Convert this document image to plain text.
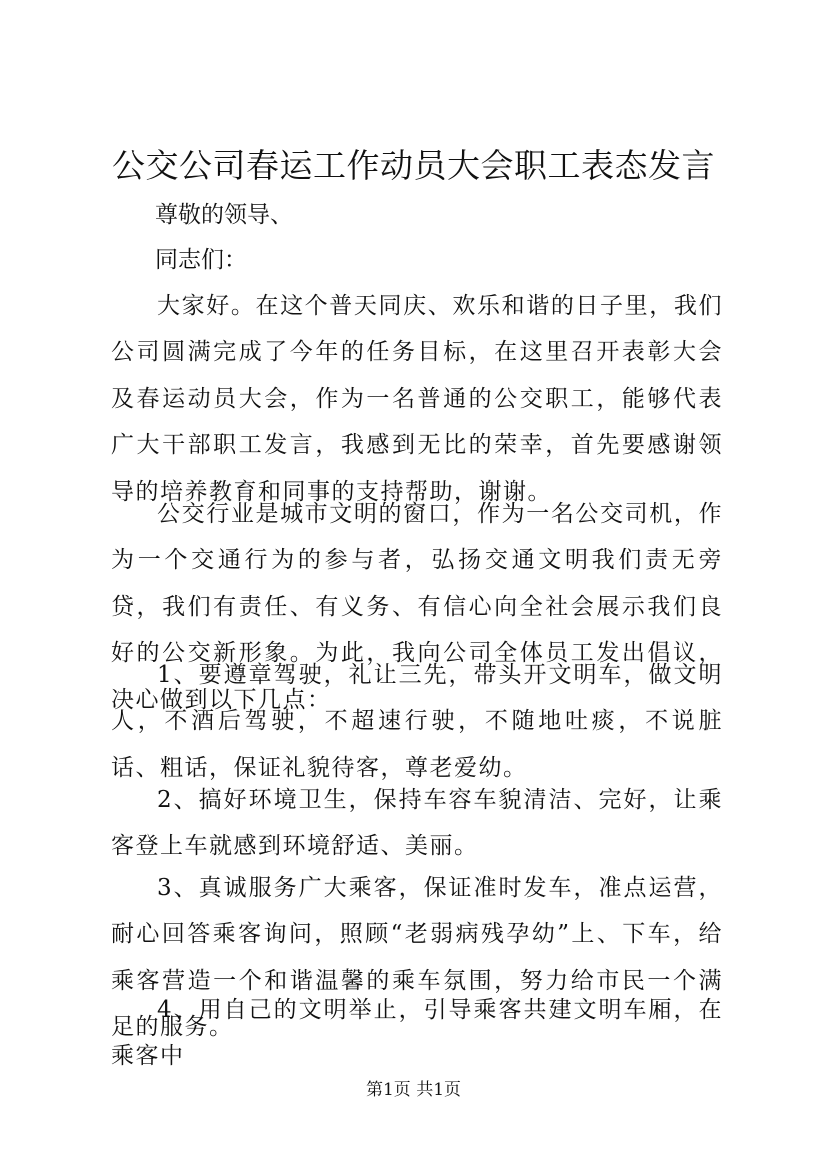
公交公司春运工作动员大会职工表态发言

尊敬的领导、

同志们：

大家好。在这个普天同庆、欢乐和谐的日子里，我们公司圆满完成了今年的任务目标，在这里召开表彰大会及春运动员大会，作为一名普通的公交职工，能够代表广大干部职工发言，我感到无比的荣幸，首先要感谢领导的培养教育和同事的支持帮助，谢谢。

公交行业是城市文明的窗口，作为一名公交司机，作为一个交通行为的参与者，弘扬交通文明我们责无旁贷，我们有责任、有义务、有信心向全社会展示我们良好的公交新形象。为此，我向公司全体员工发出倡议，决心做到以下几点：

1、要遵章驾驶，礼让三先，带头开文明车，做文明人，不酒后驾驶，不超速行驶，不随地吐痰，不说脏话、粗话，保证礼貌待客，尊老爱幼。

2、搞好环境卫生，保持车容车貌清洁、完好，让乘客登上车就感到环境舒适、美丽。

3、真诚服务广大乘客，保证准时发车，准点运营，耐心回答乘客询问，照顾“老弱病残孕幼”上、下车，给乘客营造一个和谐温馨的乘车氛围，努力给市民一个满足的服务。

4、用自己的文明举止，引导乘客共建文明车厢，在乘客中

第1页 共1页
